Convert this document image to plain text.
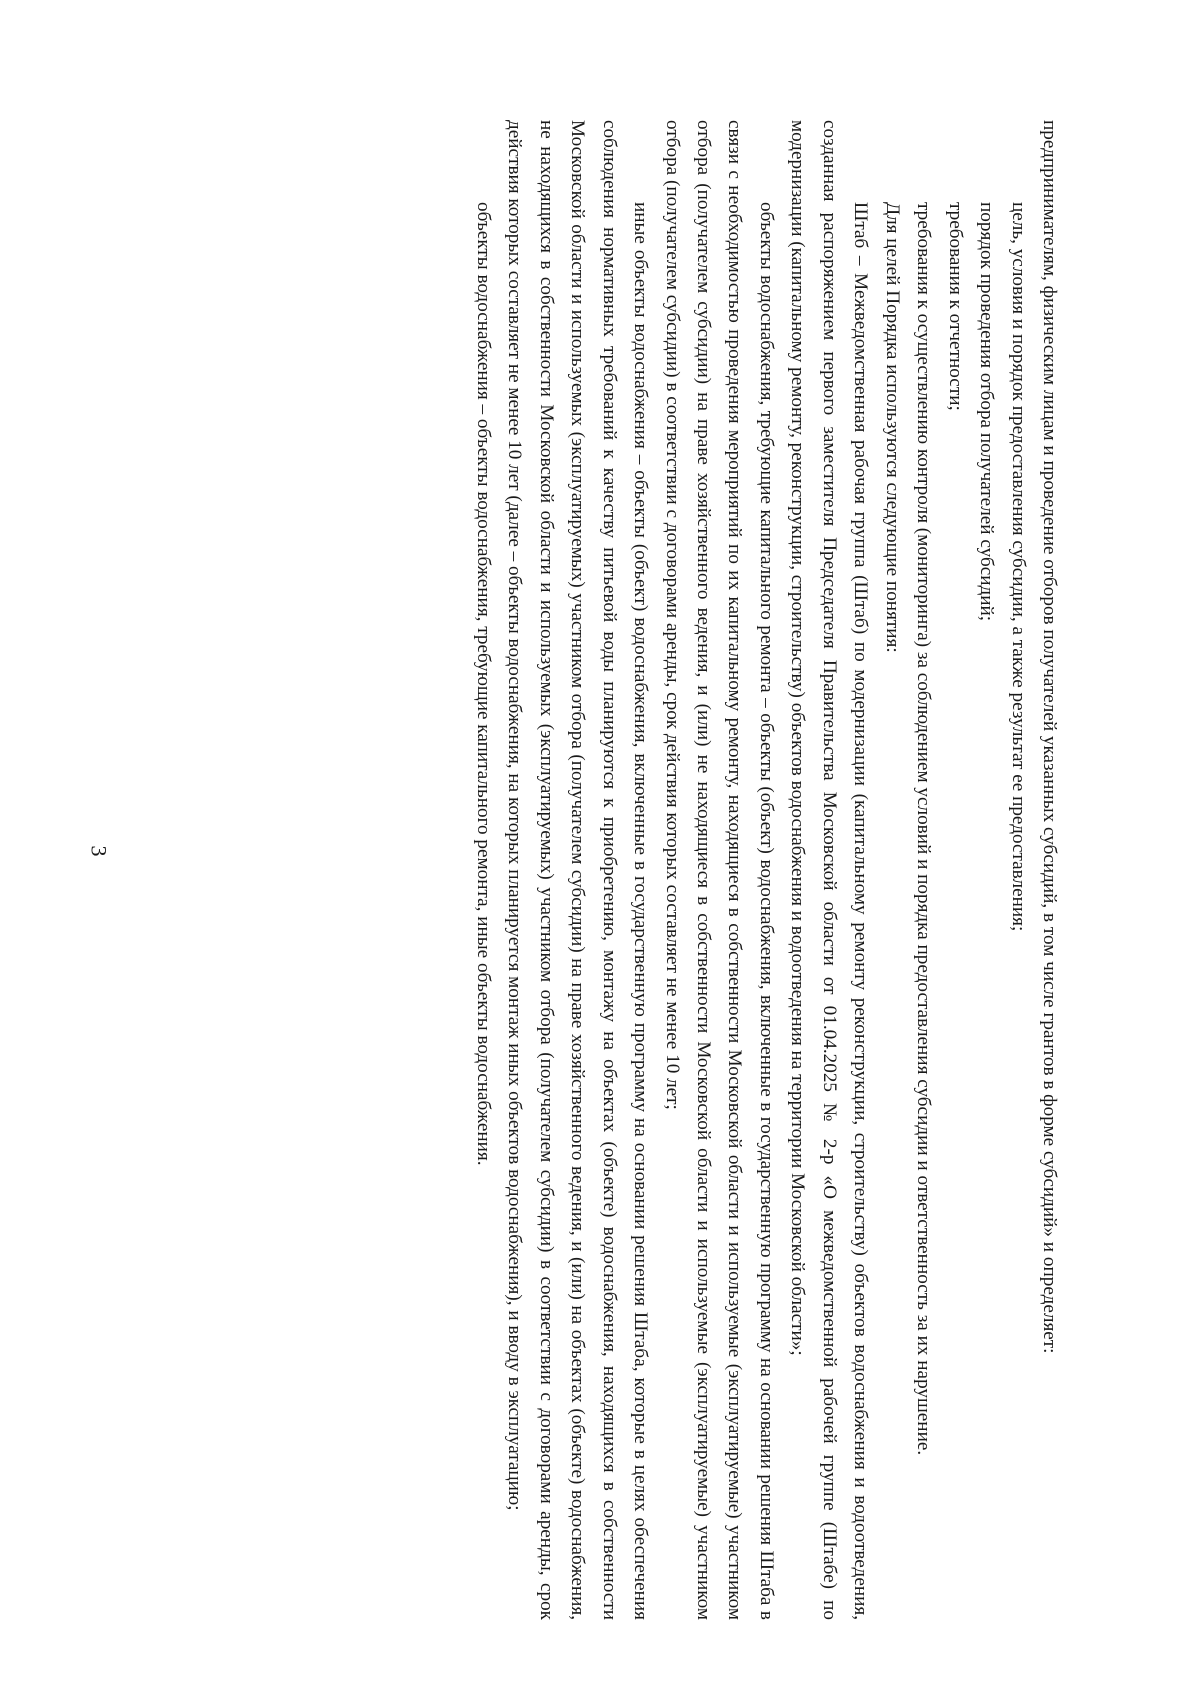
3	предпринимателям, физическим лицам и проведение отборов получателей указанных субсидий, в том числе грантов в форме субсидий» и определяет:

цель, условия и порядок предоставления субсидии, а также результат ее предоставления;

порядок проведения отбора получателей субсидий;

требования к отчетности;

требования к осуществлению контроля (мониторинга) за соблюдением условий и порядка предоставления субсидии и ответственность за их нарушение.

Для целей Порядка используются следующие понятия:

Штаб – Межведомственная рабочая группа (Штаб) по модернизации (капитальному ремонту реконструкции, строительству) объектов водоснабжения и водоотведения, созданная распоряжением первого заместителя Председателя Правительства Московской области от 01.04.2025 № 2-р «О межведомственной рабочей группе (Штабе) по модернизации (капитальному ремонту, реконструкции, строительству) объектов водоснабжения и водоотведения на территории Московской области»;

объекты водоснабжения, требующие капитального ремонта – объекты (объект) водоснабжения, включенные в государственную программу на основании решения Штаба в связи с необходимостью проведения мероприятий по их капитальному ремонту, находящиеся в собственности Московской области и используемые (эксплуатируемые) участником отбора (получателем субсидии) на праве хозяйственного ведения, и (или) не находящиеся в собственности Московской области и используемые (эксплуатируемые) участником отбора (получателем субсидии) в соответствии с договорами аренды, срок действия которых составляет не менее 10 лет;

иные объекты водоснабжения – объекты (объект) водоснабжения, включенные в государственную программу на основании решения Штаба, которые в целях обеспечения соблюдения нормативных требований к качеству питьевой воды планируются к приобретению, монтажу на объектах (объекте) водоснабжения, находящихся в собственности Московской области и используемых (эксплуатируемых) участником отбора (получателем субсидии) на праве хозяйственного ведения, и (или) на объектах (объекте) водоснабжения, не находящихся в собственности Московской области и используемых (эксплуатируемых) участником отбора (получателем субсидии) в соответствии с договорами аренды, срок действия которых составляет не менее 10 лет (далее – объекты водоснабжения, на которых планируется монтаж иных объектов водоснабжения), и вводу в эксплуатацию;

объекты водоснабжения – объекты водоснабжения, требующие капитального ремонта, иные объекты водоснабжения.
